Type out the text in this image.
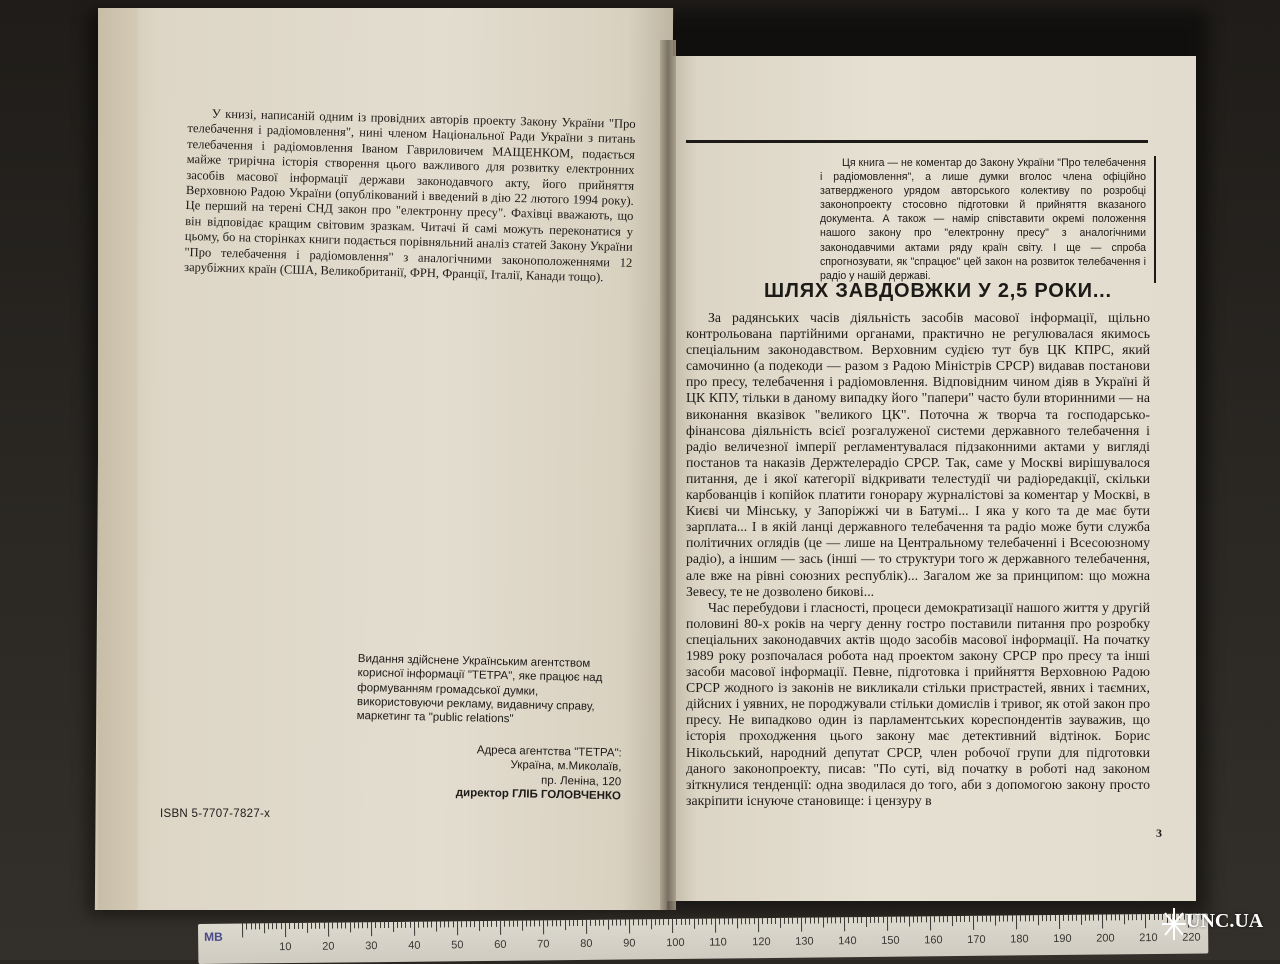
У книзі, написаній одним із провідних авторів проекту Закону України "Про телебачення і радіомовлення", нині членом Національної Ради України з питань телебачення і радіомовлення Іваном Гавриловичем МАЩЕНКОМ, подається майже трирічна історія створення цього важливого для розвитку електронних засобів масової інформації держави законодавчого акту, його прийняття Верховною Радою України (опублікований і введений в дію 22 лютого 1994 року). Це перший на терені СНД закон про "електронну пресу". Фахівці вважають, що він відповідає кращим світовим зразкам. Читачі й самі можуть переконатися у цьому, бо на сторінках книги подається порівняльний аналіз статей Закону України "Про телебачення і радіомовлення" з аналогічними законоположеннями 12 зарубіжних країн (США, Великобританії, ФРН, Франції, Італії, Канади тощо).
Видання здійснене Українським агентством корисної інформації "ТЕТРА", яке працює над формуванням громадської думки, використовуючи рекламу, видавничу справу, маркетинг та "public relations"
Адреса агентства "ТЕТРА":
Україна, м.Миколаїв,
пр. Леніна, 120
директор ГЛІБ ГОЛОВЧЕНКО
ISBN 5-7707-7827-x
Ця книга — не коментар до Закону України "Про телебачення і радіомовлення", а лише думки вголос члена офіційно затвердженого урядом авторського колективу по розробці законопроекту стосовно підготовки й прийняття вказаного документа. А також — намір співставити окремі положення нашого закону про "електронну пресу" з аналогічними законодавчими актами ряду країн світу. І ще — спроба спрогнозувати, як "спрацює" цей закон на розвиток телебачення і радіо у нашій державі.
ШЛЯХ ЗАВДОВЖКИ У 2,5 РОКИ...

За радянських часів діяльність засобів масової інформації, щільно контрольована партійними органами, практично не регулювалася якимось спеціальним законодавством. Верховним судією тут був ЦК КПРС, який самочинно (а подекоди — разом з Радою Міністрів СРСР) видавав постанови про пресу, телебачення і радіомовлення. Відповідним чином діяв в Україні й ЦК КПУ, тільки в даному випадку його "папери" часто були вторинними — на виконання вказівок "великого ЦК". Поточна ж творча та господарсько-фінансова діяльність всієї розгалуженої системи державного телебачення і радіо величезної імперії регламентувалася підзаконними актами у вигляді постанов та наказів Держтелерадіо СРСР. Так, саме у Москві вирішувалося питання, де і якої категорії відкривати телестудії чи радіоредакції, скільки карбованців і копійок платити гонорару журналістові за коментар у Москві, в Києві чи Мінську, у Запоріжжі чи в Батумі... І яка у кого та де має бути зарплата... І в якій ланці державного телебачення та радіо може бути служба політичних оглядів (це — лише на Центральному телебаченні і Всесоюзному радіо), а іншим — зась (інші — то структури того ж державного телебачення, але вже на рівні союзних республік)... Загалом же за принципом: що можна Зевесу, те не дозволено бикові...

Час перебудови і гласності, процеси демократизації нашого життя у другій половині 80-х років на чергу денну гостро поставили питання про розробку спеціальних законодавчих актів щодо засобів масової інформації. На початку 1989 року розпочалася робота над проектом закону СРСР про пресу та інші засоби масової інформації. Певне, підготовка і прийняття Верховною Радою СРСР жодного із законів не викликали стільки пристрастей, явних і таємних, дійсних і уявних, не породжували стільки домислів і тривог, як отой закон про пресу. Не випадково один із парламентських кореспондентів зауважив, що історія проходження цього закону має детективний відтінок. Борис Нікольський, народний депутат СРСР, член робочої групи для підготовки даного законопроекту, писав: "По суті, від початку в роботі над законом зіткнулися тенденції: одна зводилася до того, аби з допомогою закону просто закріпити існуюче становище: і цензуру в

3
MB
10	20	30	40	50	60	70	80	90	100 110 120 130 140 150 160 170 180 190 200 210 220
UNC.UA
